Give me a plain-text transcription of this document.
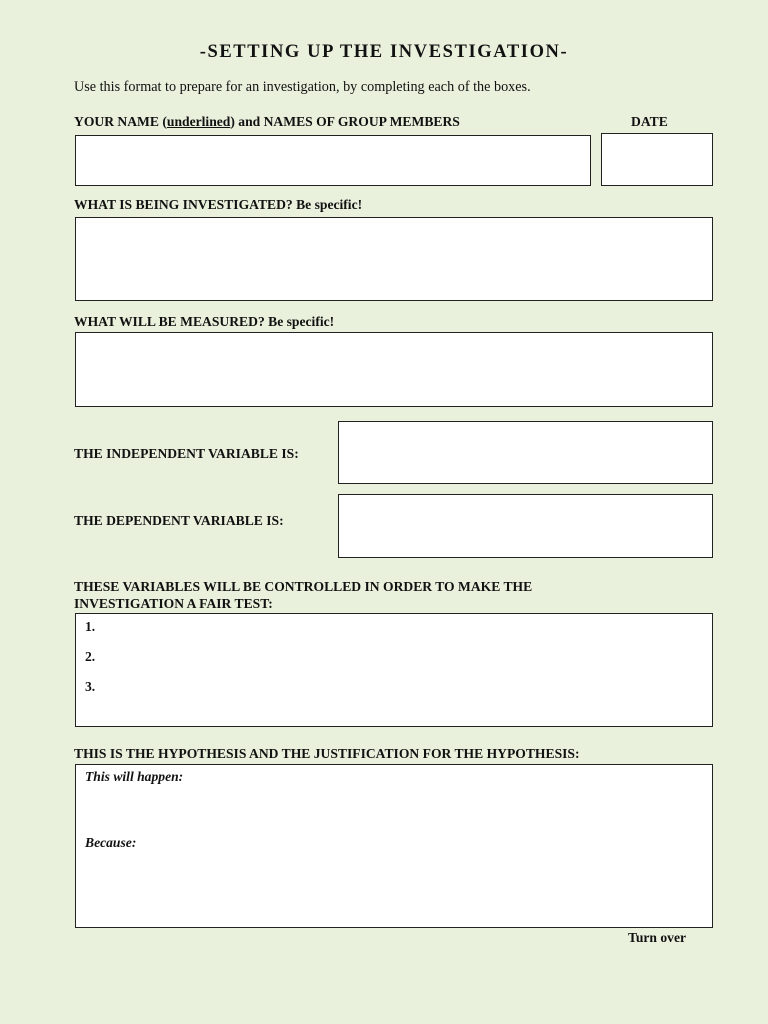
-SETTING UP THE INVESTIGATION-
Use this format to prepare for an investigation, by completing each of the boxes.
YOUR NAME (underlined) and NAMES OF GROUP MEMBERS	DATE
WHAT IS BEING INVESTIGATED? Be specific!
WHAT WILL BE MEASURED? Be specific!
THE INDEPENDENT VARIABLE IS:
THE DEPENDENT VARIABLE IS:
THESE VARIABLES WILL BE CONTROLLED IN ORDER TO MAKE THE
INVESTIGATION A FAIR TEST:
1.
2.
3.
THIS IS THE HYPOTHESIS AND THE JUSTIFICATION FOR THE HYPOTHESIS:
This will happen:
Because:
Turn over
